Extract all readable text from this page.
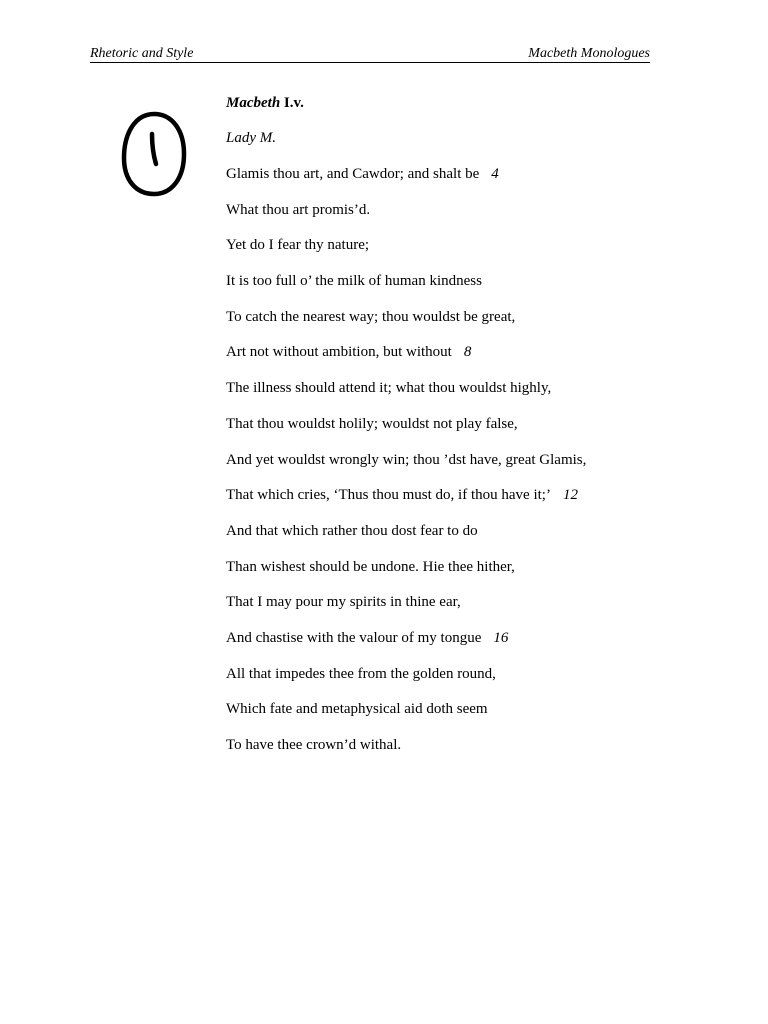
Rhetoric and Style	Macbeth Monologues
Macbeth I.v.
Lady M.
Glamis thou art, and Cawdor; and shalt be 4
What thou art promis’d.
Yet do I fear thy nature;
It is too full o’ the milk of human kindness
To catch the nearest way; thou wouldst be great,
Art not without ambition, but without 8
The illness should attend it; what thou wouldst highly,
That thou wouldst holily; wouldst not play false,
And yet wouldst wrongly win; thou ’dst have, great Glamis,
That which cries, ‘Thus thou must do, if thou have it;’ 12
And that which rather thou dost fear to do
Than wishest should be undone. Hie thee hither,
That I may pour my spirits in thine ear,
And chastise with the valour of my tongue 16
All that impedes thee from the golden round,
Which fate and metaphysical aid doth seem
To have thee crown’d withal.
